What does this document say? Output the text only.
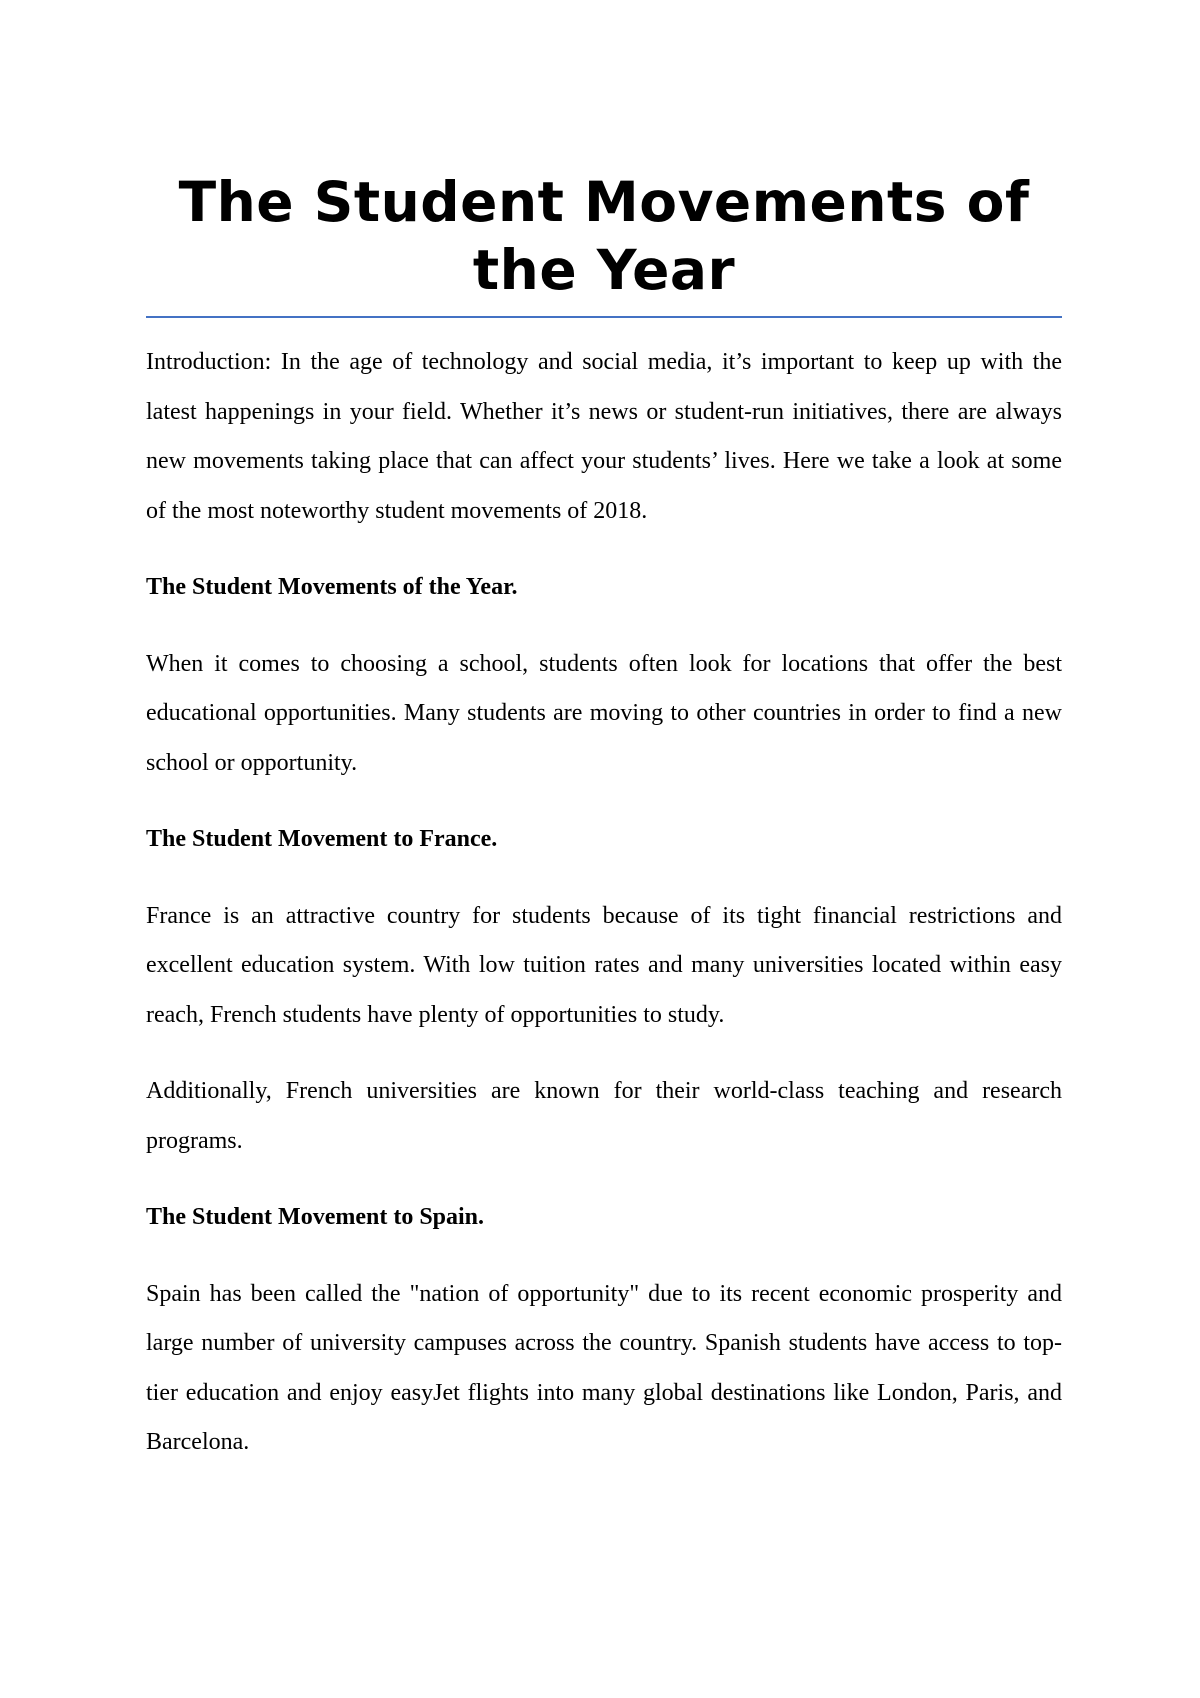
The Student Movements of the Year

Introduction: In the age of technology and social media, it’s important to keep up with the latest happenings in your field. Whether it’s news or student-run initiatives, there are always new movements taking place that can affect your students’ lives. Here we take a look at some of the most noteworthy student movements of 2018.

The Student Movements of the Year.

When it comes to choosing a school, students often look for locations that offer the best educational opportunities. Many students are moving to other countries in order to find a new school or opportunity.

The Student Movement to France.

France is an attractive country for students because of its tight financial restrictions and excellent education system. With low tuition rates and many universities located within easy reach, French students have plenty of opportunities to study.

Additionally, French universities are known for their world-class teaching and research programs.

The Student Movement to Spain.

Spain has been called the "nation of opportunity" due to its recent economic prosperity and large number of university campuses across the country. Spanish students have access to top-tier education and enjoy easyJet flights into many global destinations like London, Paris, and Barcelona.
